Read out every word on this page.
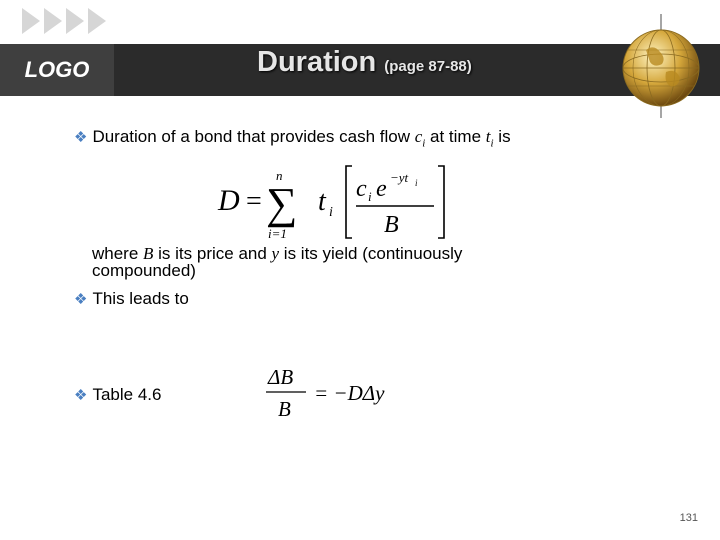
LOGO	Duration (page 87-88)
❖ Duration of a bond that provides cash flow $c_i$ at time $t_i$ is
D =
n
∑
i=1
t i
c i e −yt i
B
where B is its price and y is its yield (continuously
compounded)
❖ This leads to
❖ Table 4.6
ΔB
B
= −DΔy
131
